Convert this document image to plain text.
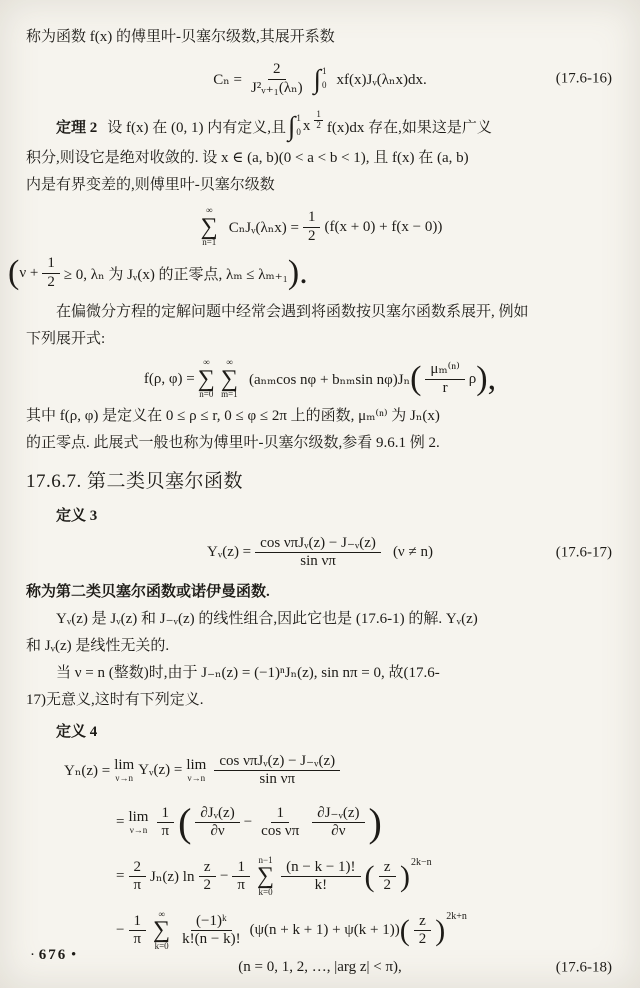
称为函数 f(x) 的傅里叶-贝塞尔级数,其展开系数
$C_n = \frac{2}{\text{J²ᵥ₊₁(λₙ)}}$ ∫ 1
0 xf(x)Jᵥ(λₙx)dx.	(17.6-16)
定理 2 设 f(x) 在 (0, 1) 内有定义,且 ∫ 1
0 x $\frac{1}{2} f(x)dx$ 存在,如果这是广义
积分,则设它是绝对收敛的. 设 x ∈ (a, b)(0 < a < b < 1), 且 f(x) 在 (a, b)
内是有界变差的,则傅里叶-贝塞尔级数
∞
∑
n=1
CₙJᵥ(λₙx) = $\frac{1}{2} (f(x + 0) + f(x - 0))$
( $\nu + \frac{1}{2} \ge 0$, λₙ 为 Jᵥ(x) 的正零点, λₘ ≤ λₘ₊₁ ).
在偏微分方程的定解问题中经常会遇到将函数按贝塞尔函数系展开, 例如
下列展开式:
f(ρ, φ) =
∞
∑
n=0
∞
∑
m=1
(aₙₘcos nφ + bₙₘsin nφ)Jₙ ( $\frac{\text{μₘ⁽ⁿ⁾}}{r}$ ρ ),
其中 f(ρ, φ) 是定义在 0 ≤ ρ ≤ r, 0 ≤ φ ≤ 2π 上的函数, μₘ⁽ⁿ⁾ 为 Jₙ(x)
的正零点. 此展式一般也称为傅里叶-贝塞尔级数,参看 9.6.1 例 2.
17.6.7. 第二类贝塞尔函数
定义 3
Yᵥ(z) = $\frac{\text{cos νπJᵥ(z) − J₋ᵥ(z)}}{\text{sin νπ}} (\nu \ne n)$	(17.6-17)
称为第二类贝塞尔函数或诺伊曼函数.
Yᵥ(z) 是 Jᵥ(z) 和 J₋ᵥ(z) 的线性组合,因此它也是 (17.6-1) 的解. Yᵥ(z)
和 Jᵥ(z) 是线性无关的.
当 ν = n (整数)时,由于 J₋ₙ(z) = (−1)ⁿJₙ(z), sin nπ = 0, 故(17.6-
17)无意义,这时有下列定义.
定义 4
Yₙ(z) = lim
ν→n Yᵥ(z) = lim
$\nu\to n \frac{\text{cos νπJᵥ(z) − J₋ᵥ(z)}}{\text{sin νπ}}$
= lim
$\nu\to n \frac{1}{\pi}$ ( $\frac{\text{∂Jᵥ(z)}}{\partial\nu} - \frac{1}{\text{cos νπ}} \frac{\text{∂J₋ᵥ(z)}}{\partial\nu}$ )
= $\frac{2}{\pi} J_n(z)$ $\ln \frac{z}{2} - \frac{1}{\pi} n-1$
∑
$k=0 \frac{(n - k - 1)!}{k!}$ ( $\frac{z}{2}$ ) 2k−n
− $\frac{1}{\pi}$ ∞
∑
$k=0 \frac{\text{(−1)ᵏ}}{k!(n - k)!} (\psi(n + k + 1) + \psi(k + 1))$ ( $\frac{z}{2}$ ) 2k+n
(n = 0, 1, 2, …, |arg z| < π),	(17.6-18)
· 676 •
